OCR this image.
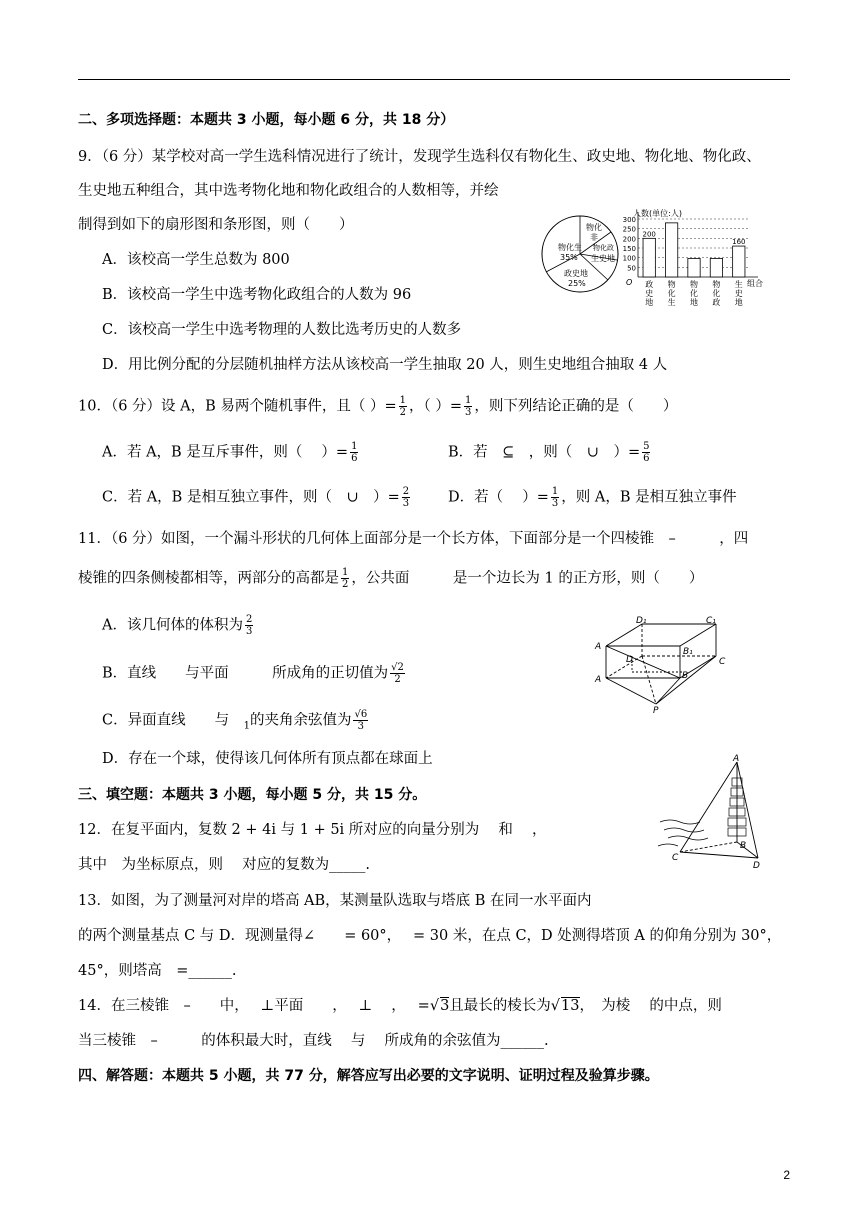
二、多项选择题：本题共 3 小题，每小题 6 分，共 18 分）
9．（6 分）某学校对高一学生选科情况进行了统计，发现学生选科仅有物化生、政史地、物化地、物化政、
生史地五种组合，其中选考物化地和物化政组合的人数相等，并绘
制得到如下的扇形图和条形图，则（　　）
A．该校高一学生总数为 800
B．该校高一学生中选考物化政组合的人数为 96
C．该校高一学生中选考物理的人数比选考历史的人数多
D．用比例分配的分层随机抽样方法从该校高一学生抽取 20 人，则生史地组合抽取 4 人
物化生
35%
物化
非
物化政
生史地
政史地
25%
200
160
50
100
150
200
250
300
政
史
地
物
化
生
物
化
地
物
化
政
生
史
地
人数(单位:人)
组合
O
10．（6 分）设 A，B 易两个随机事件，且（ ）= $\frac{1}{2}$ ，（ ）= $\frac{1}{3}$ ，则下列结论正确的是（　　）
A．若 A，B 是互斥事件，则（　 ）= $\frac{1}{6}$	B．若　⊆　，则（　∪　）= $\frac{5}{6}$
C．若 A，B 是相互独立事件，则（　∪　）= $\frac{2}{3}$	D．若（　 ）= $\frac{1}{3}$ ，则 A，B 是相互独立事件
11．（6 分）如图，一个漏斗形状的几何体上面部分是一个长方体，下面部分是一个四棱锥　–　　　，四
棱锥的四条侧棱都相等，两部分的高都是 $\frac{1}{2}$ ，公共面　　　是一个边长为 1 的正方形，则（　　）
A．该几何体的体积为 $\frac{2}{3}$
B．直线　　与平面　　　所成角的正切值为 $\frac{√2}{2}$
C．异面直线　　与　$_1$的夹角余弦值为 $\frac{√6}{3}$
D．存在一个球，使得该几何体所有顶点都在球面上
D₁	C₁
A	B₁
D	C
A	B
P
三、填空题：本题共 3 小题，每小题 5 分，共 15 分。
12．在复平面内，复数 2 + 4i 与 1 + 5i 所对应的向量分别为　 和　 ，
其中　为坐标原点，则　 对应的复数为_____.
A
B
C
D
13．如图，为了测量河对岸的塔高 AB，某测量队选取与塔底 B 在同一水平面内
的两个测量基点 C 与 D．现测量得∠　　= 60°，　 = 30 米，在点 C，D 处测得塔顶 A 的仰角分别为 30°，
45°，则塔高　=______.
14．在三棱锥　–　　中，　 ⊥平面　　，　 ⊥　 ，　 =√3且最长的棱长为√13，　为棱　 的中点，则
当三棱锥　–　　　的体积最大时，直线　 与　 所成角的余弦值为______.
四、解答题：本题共 5 小题，共 77 分，解答应写出必要的文字说明、证明过程及验算步骤。
2
